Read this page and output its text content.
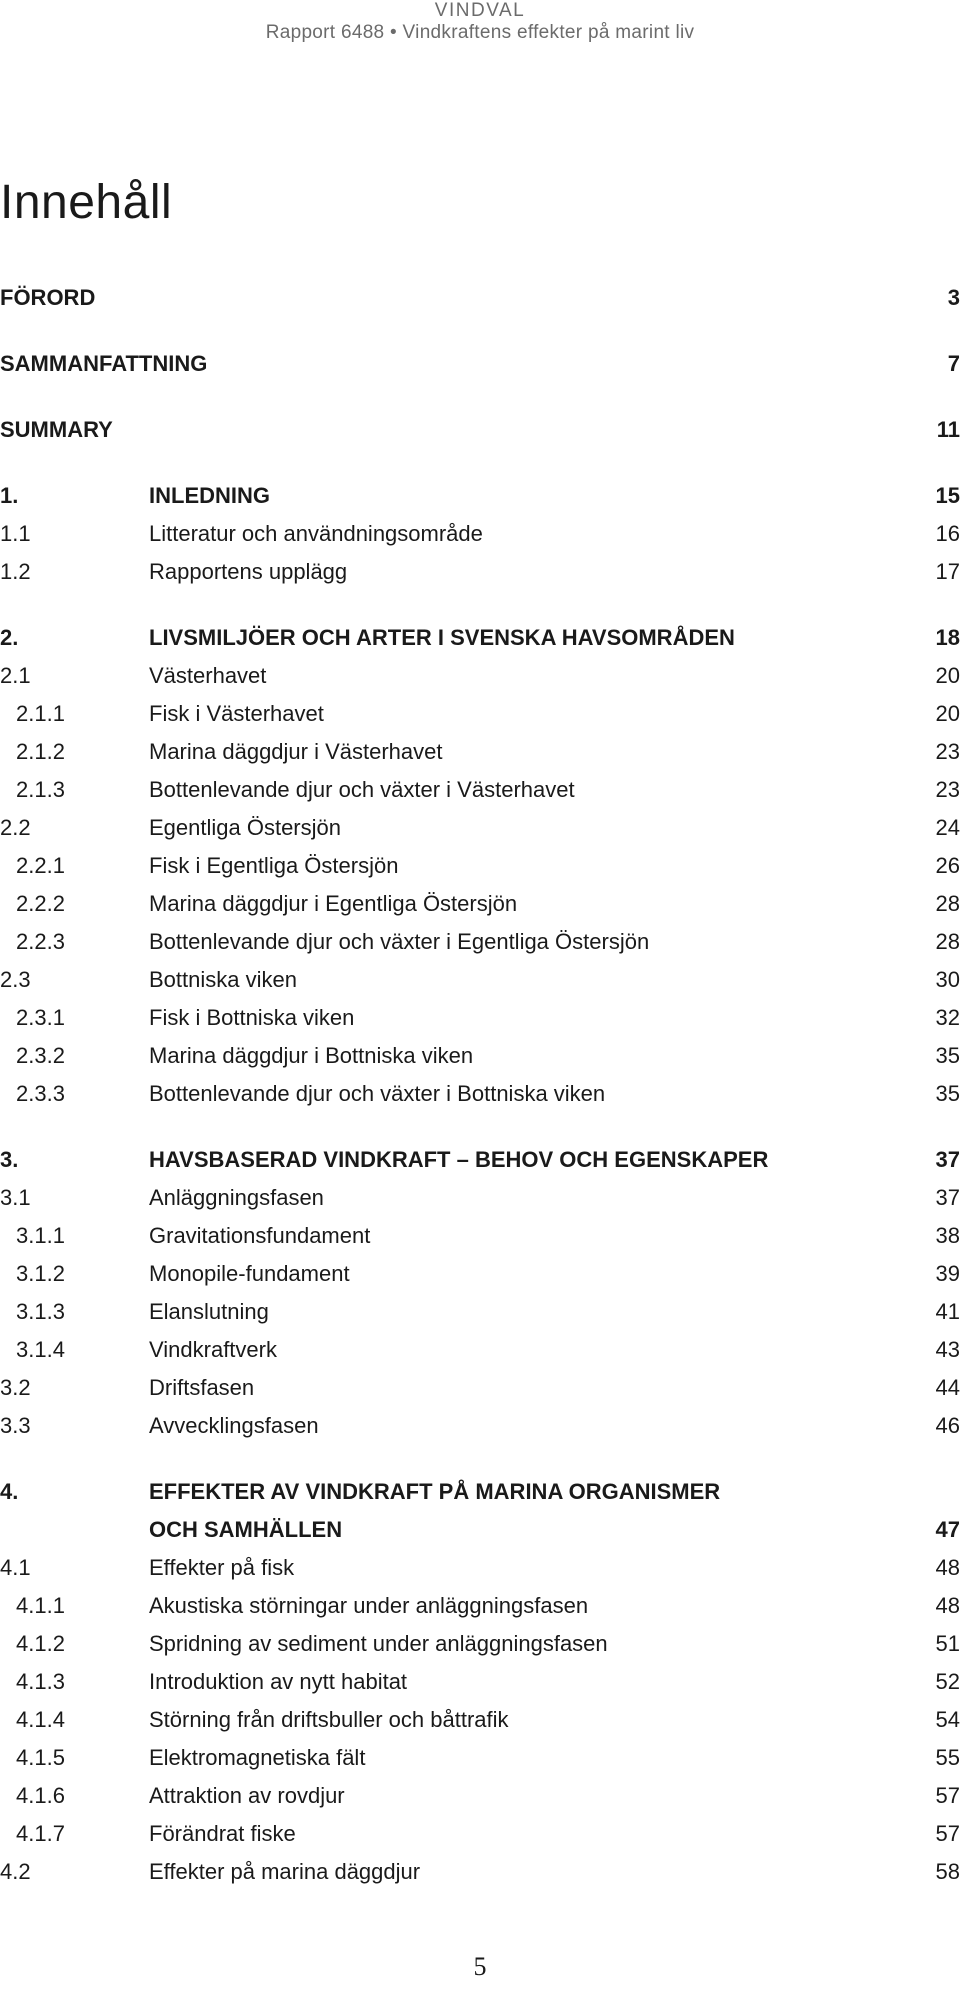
VINDVAL
Rapport 6488 • Vindkraftens effekter på marint liv
Innehåll
FÖRORD	3
SAMMANFATTNING	7
SUMMARY	11
1.	INLEDNING	15
1.1	Litteratur och användningsområde	16
1.2	Rapportens upplägg	17
2.	LIVSMILJÖER OCH ARTER I SVENSKA HAVSOMRÅDEN	18
2.1	Västerhavet	20
2.1.1	Fisk i Västerhavet	20
2.1.2	Marina däggdjur i Västerhavet	23
2.1.3	Bottenlevande djur och växter i Västerhavet	23
2.2	Egentliga Östersjön	24
2.2.1	Fisk i Egentliga Östersjön	26
2.2.2	Marina däggdjur i Egentliga Östersjön	28
2.2.3	Bottenlevande djur och växter i Egentliga Östersjön	28
2.3	Bottniska viken	30
2.3.1	Fisk i Bottniska viken	32
2.3.2	Marina däggdjur i Bottniska viken	35
2.3.3	Bottenlevande djur och växter i Bottniska viken	35
3.	HAVSBASERAD VINDKRAFT – BEHOV OCH EGENSKAPER	37
3.1	Anläggningsfasen	37
3.1.1	Gravitationsfundament	38
3.1.2	Monopile-fundament	39
3.1.3	Elanslutning	41
3.1.4	Vindkraftverk	43
3.2	Driftsfasen	44
3.3	Avvecklingsfasen	46
4.	EFFEKTER AV VINDKRAFT PÅ MARINA ORGANISMER
OCH SAMHÄLLEN	47
4.1	Effekter på fisk	48
4.1.1	Akustiska störningar under anläggningsfasen	48
4.1.2	Spridning av sediment under anläggningsfasen	51
4.1.3	Introduktion av nytt habitat	52
4.1.4	Störning från driftsbuller och båttrafik	54
4.1.5	Elektromagnetiska fält	55
4.1.6	Attraktion av rovdjur	57
4.1.7	Förändrat fiske	57
4.2	Effekter på marina däggdjur	58
5
